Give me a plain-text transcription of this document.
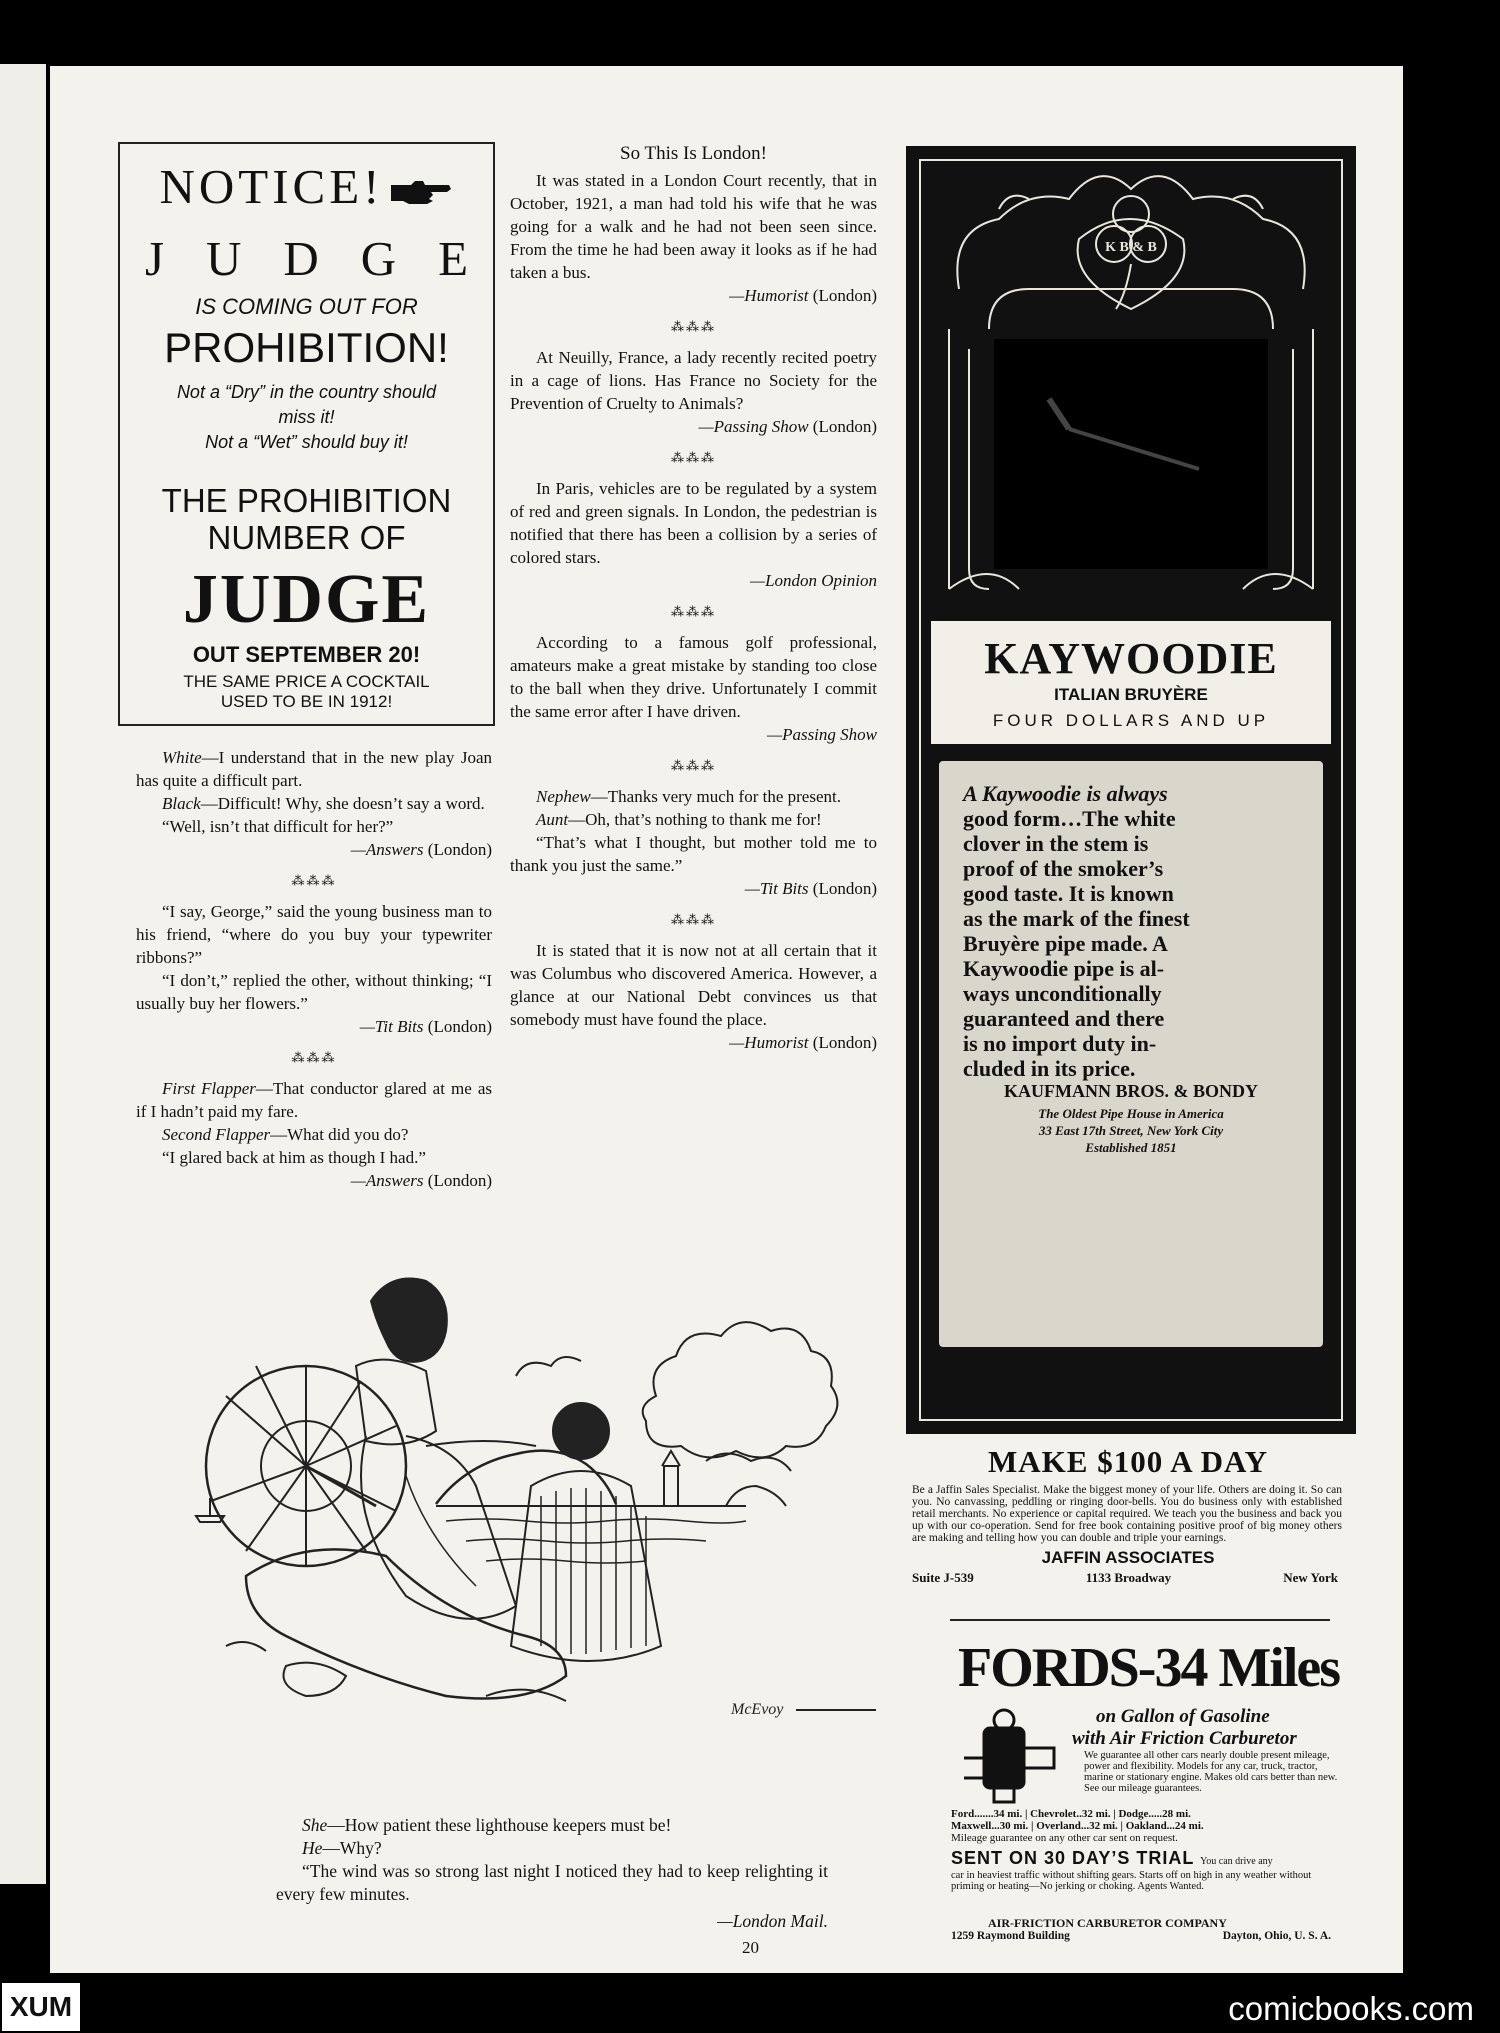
NOTICE!
J U D G E
IS COMING OUT FOR
PROHIBITION!
Not a “Dry” in the country should
miss it!
Not a “Wet” should buy it!
THE PROHIBITION
NUMBER OF
JUDGE
OUT SEPTEMBER 20!
THE SAME PRICE A COCKTAIL
USED TO BE IN 1912!

White—I understand that in the new play Joan has quite a difficult part.

Black—Difficult! Why, she doesn’t say a word.

“Well, isn’t that difficult for her?”

—Answers (London)

⁂⁂⁂

“I say, George,” said the young business man to his friend, “where do you buy your typewriter ribbons?”

“I don’t,” replied the other, without thinking; “I usually buy her flowers.”

—Tit Bits (London)

⁂⁂⁂

First Flapper—That conductor glared at me as if I hadn’t paid my fare.

Second Flapper—What did you do?

“I glared back at him as though I had.”

—Answers (London)

So This Is London!

It was stated in a London Court recently, that in October, 1921, a man had told his wife that he was going for a walk and he had not been seen since. From the time he had been away it looks as if he had taken a bus.

—Humorist (London)

⁂⁂⁂

At Neuilly, France, a lady recently recited poetry in a cage of lions. Has France no Society for the Prevention of Cruelty to Animals?

—Passing Show (London)

⁂⁂⁂

In Paris, vehicles are to be regulated by a system of red and green signals. In London, the pedestrian is notified that there has been a collision by a series of colored stars.

—London Opinion

⁂⁂⁂

According to a famous golf professional, amateurs make a great mistake by standing too close to the ball when they drive. Unfortunately I commit the same error after I have driven.

—Passing Show

⁂⁂⁂

Nephew—Thanks very much for the present.

Aunt—Oh, that’s nothing to thank me for!

“That’s what I thought, but mother told me to thank you just the same.”

—Tit Bits (London)

⁂⁂⁂

It is stated that it is now not at all certain that it was Columbus who discovered America. However, a glance at our National Debt convinces us that somebody must have found the place.

—Humorist (London)

McEvoy

She—How patient these lighthouse keepers must be!

He—Why?

“The wind was so strong last night I noticed they had to keep relighting it every few minutes.

—London Mail.

20
K B & B
KAYWOODIE
ITALIAN BRUYÈRE
FOUR DOLLARS AND UP
A Kaywoodie is always
good form…The white
clover in the stem is
proof of the smoker’s
good taste. It is known
as the mark of the finest
Bruyère pipe made. A
Kaywoodie pipe is al-
ways unconditionally
guaranteed and there
is no import duty in-
cluded in its price.
KAUFMANN BROS. & BONDY
The Oldest Pipe House in America
33 East 17th Street, New York City
Established 1851
MAKE $100 A DAY
Be a Jaffin Sales Specialist. Make the biggest money of your life. Others are doing it. So can you. No canvassing, peddling or ringing door-bells. You do business only with established retail merchants. No experience or capital required. We teach you the business and back you up with our co-operation. Send for free book containing positive proof of big money others are making and telling how you can double and triple your earnings.
JAFFIN ASSOCIATES
Suite J-539	1133 Broadway	New York
FORDS-34 Miles
on Gallon of Gasoline
with Air Friction Carburetor
We guarantee all other cars nearly double present mileage, power and flexibility. Models for any car, truck, tractor, marine or stationary engine. Makes old cars better than new. See our mileage guarantees.
Ford.......34 mi. | Chevrolet..32 mi. | Dodge.....28 mi.
Maxwell...30 mi. | Overland...32 mi. | Oakland...24 mi.
Mileage guarantee on any other car sent on request.
SENT ON 30 DAY’S TRIAL You can drive any
car in heaviest traffic without shifting gears. Starts off on high in any weather without priming or heating—No jerking or choking. Agents Wanted.
AIR-FRICTION CARBURETOR COMPANY
1259 Raymond Building	Dayton, Ohio, U. S. A.
XUM	comicbooks.com
